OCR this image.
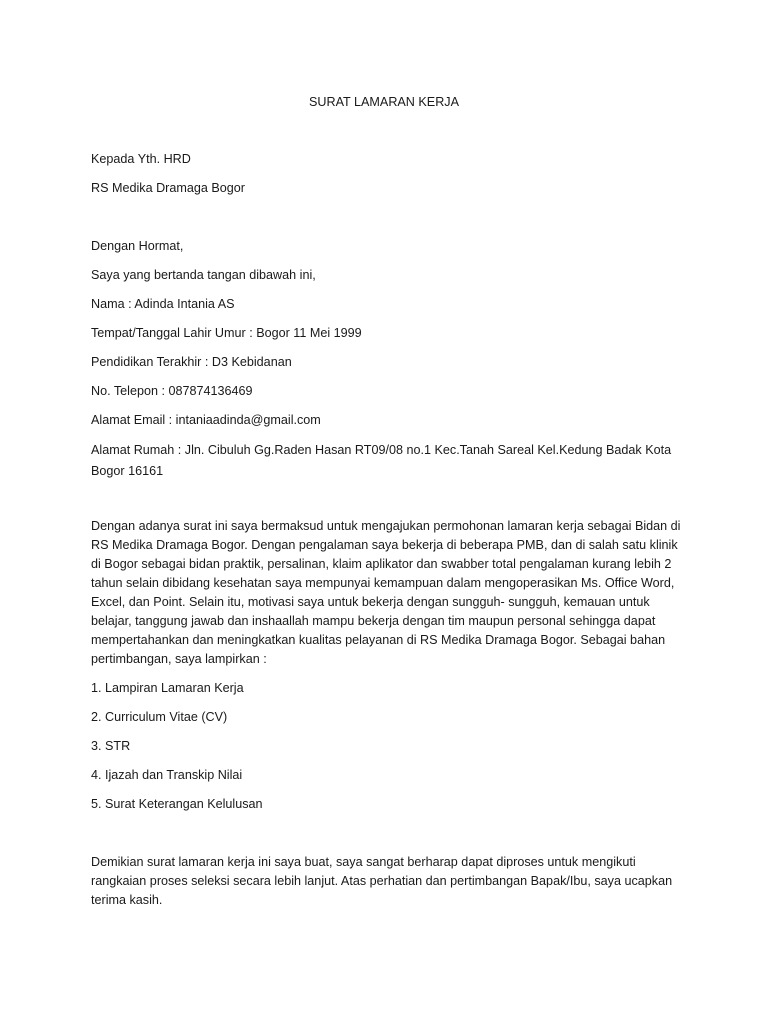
SURAT LAMARAN KERJA

Kepada Yth. HRD

RS Medika Dramaga Bogor

Dengan Hormat,

Saya yang bertanda tangan dibawah ini,

Nama : Adinda Intania AS

Tempat/Tanggal Lahir Umur : Bogor 11 Mei 1999

Pendidikan Terakhir : D3 Kebidanan

No. Telepon : 087874136469

Alamat Email : intaniaadinda@gmail.com

Alamat Rumah : Jln. Cibuluh Gg.Raden Hasan RT09/08 no.1 Kec.Tanah Sareal Kel.Kedung Badak Kota
Bogor 16161
Dengan adanya surat ini saya bermaksud untuk mengajukan permohonan lamaran kerja sebagai Bidan di
RS Medika Dramaga Bogor. Dengan pengalaman saya bekerja di beberapa PMB, dan di salah satu klinik
di Bogor sebagai bidan praktik, persalinan, klaim aplikator dan swabber total pengalaman kurang lebih 2
tahun selain dibidang kesehatan saya mempunyai kemampuan dalam mengoperasikan Ms. Office Word,
Excel, dan Point. Selain itu, motivasi saya untuk bekerja dengan sungguh- sungguh, kemauan untuk
belajar, tanggung jawab dan inshaallah mampu bekerja dengan tim maupun personal sehingga dapat
mempertahankan dan meningkatkan kualitas pelayanan di RS Medika Dramaga Bogor. Sebagai bahan
pertimbangan, saya lampirkan :

1. Lampiran Lamaran Kerja

2. Curriculum Vitae (CV)

3. STR

4. Ijazah dan Transkip Nilai

5. Surat Keterangan Kelulusan

Demikian surat lamaran kerja ini saya buat, saya sangat berharap dapat diproses untuk mengikuti
rangkaian proses seleksi secara lebih lanjut. Atas perhatian dan pertimbangan Bapak/Ibu, saya ucapkan
terima kasih.
